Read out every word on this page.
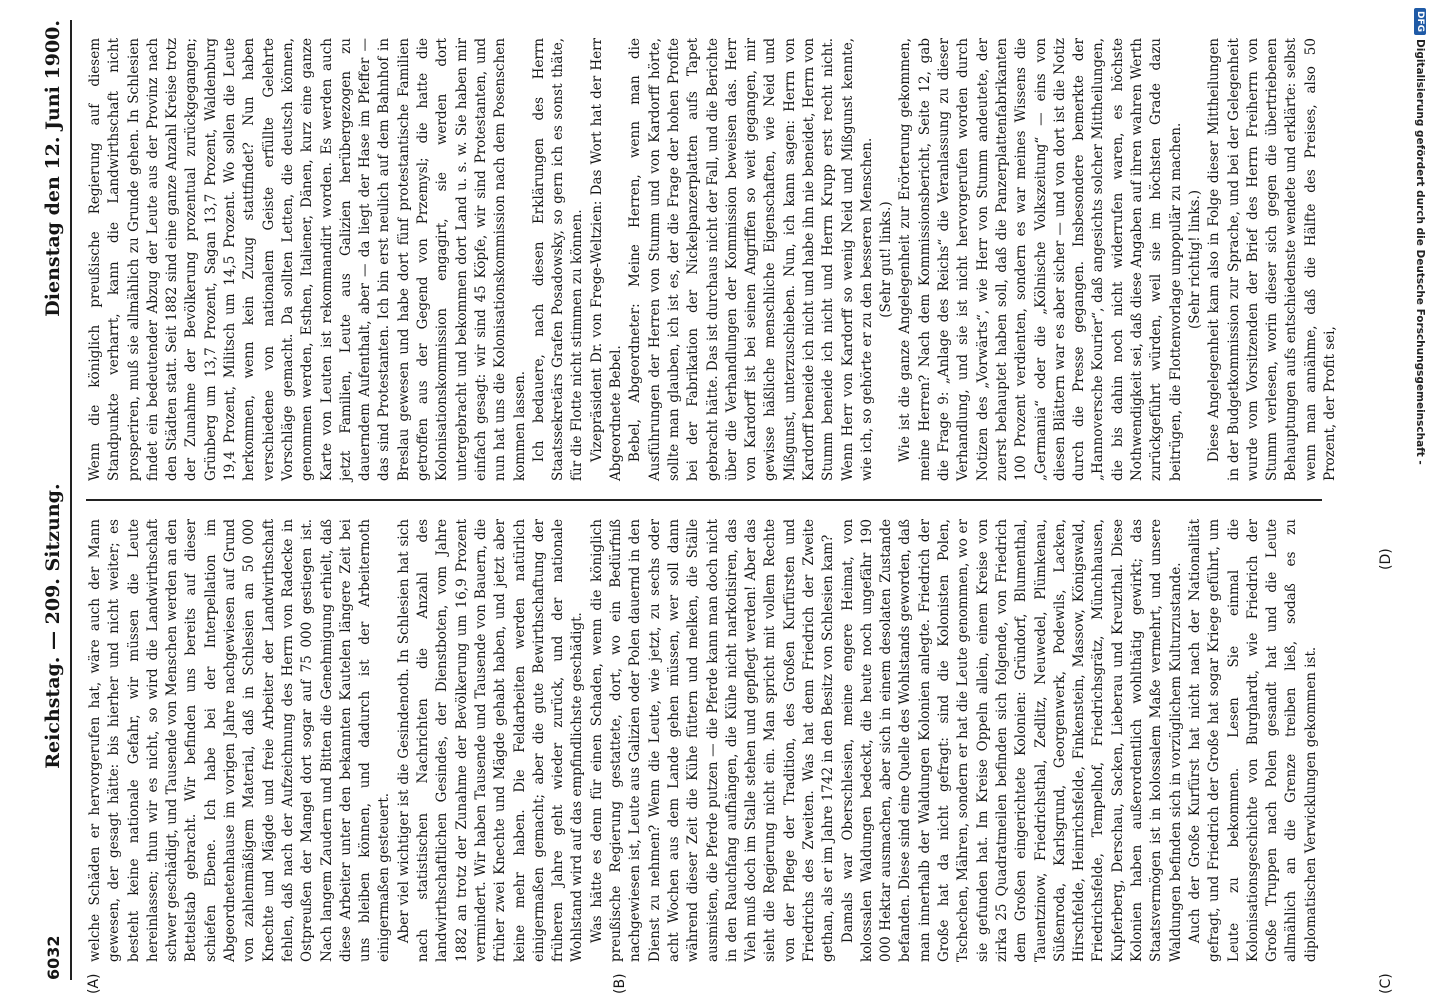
6032
Reichstag. — 209. Sitzung.
Dienstag den 12. Juni 1900.
(A)	(B)	(C)
(D)

welche Schäden er hervorgerufen hat, wäre auch der Mann gewesen, der gesagt hätte: bis hierher und nicht weiter; es besteht keine nationale Gefahr, wir müssen die Leute hereinlassen; thun wir es nicht, so wird die Landwirthschaft schwer geschädigt, und Tausende von Menschen werden an den Bettelstab gebracht. Wir befinden uns bereits auf dieser schiefen Ebene. Ich habe bei der Interpellation im Abgeordnetenhause im vorigen Jahre nachgewiesen auf Grund von zahlenmäßigem Material, daß in Schlesien an 50 000 Knechte und Mägde und freie Arbeiter der Landwirthschaft fehlen, daß nach der Aufzeichnung des Herrn von Radecke in Ostpreußen der Mangel dort sogar auf 75 000 gestiegen ist. Nach langem Zaudern und Bitten die Genehmigung erhielt, daß diese Arbeiter unter den bekannten Kautelen längere Zeit bei uns bleiben können, und dadurch ist der Arbeiternoth einigermaßen gesteuert. Aber viel wichtiger ist die Gesindenoth. In Schlesien hat sich nach statistischen Nachrichten die Anzahl des landwirthschaftlichen Gesindes, der Dienstboten, vom Jahre 1882 an trotz der Zunahme der Bevölkerung um 16,9 Prozent vermindert. Wir haben Tausende und Tausende von Bauern, die früher zwei Knechte und Mägde gehabt haben, und jetzt aber keine mehr haben. Die Feldarbeiten werden natürlich einigermaßen gemacht; aber die gute Bewirthschaftung der früheren Jahre geht wieder zurück, und der nationale Wohlstand wird auf das empfindlichste geschädigt. Was hätte es denn für einen Schaden, wenn die königlich preußische Regierung gestattete, dort, wo ein Bedürfniß nachgewiesen ist, Leute aus Galizien oder Polen dauernd in den Dienst zu nehmen? Wenn die Leute, wie jetzt, zu sechs oder acht Wochen aus dem Lande gehen müssen, wer soll dann während dieser Zeit die Kühe füttern und melken, die Ställe ausmisten, die Pferde putzen — die Pferde kann man doch nicht in den Rauchfang aufhängen, die Kühe nicht narkotisiren, das Vieh muß doch im Stalle stehen und gepflegt werden! Aber das sieht die Regierung nicht ein. Man spricht mit vollem Rechte von der Pflege der Tradition, des Großen Kurfürsten und Friedrichs des Zweiten. Was hat denn Friedrich der Zweite gethan, als er im Jahre 1742 in den Besitz von Schlesien kam? Damals war Oberschlesien, meine engere Heimat, von kolossalen Waldungen bedeckt, die heute noch ungefähr 190 000 Hektar ausmachen, aber sich in einem desolaten Zustande befanden. Diese sind eine Quelle des Wohlstands geworden, daß man innerhalb der Waldungen Kolonien anlegte. Friedrich der Große hat da nicht gefragt: sind die Kolonisten Polen, Tschechen, Mähren, sondern er hat die Leute genommen, wo er sie gefunden hat. Im Kreise Oppeln allein, einem Kreise von zirka 25 Quadratmeilen befinden sich folgende, von Friedrich dem Großen eingerichtete Kolonien: Gründorf, Blumenthal, Tauentzinow, Friedrichsthal, Zedlitz, Neuwedel, Plümkenau, Süßenroda, Karlsgrund, Georgenwerk, Podewils, Lacken, Hirschfelde, Heinrichsfelde, Finkenstein, Massow, Königswald, Friedrichsfelde, Tempelhof, Friedrichsgrätz, Münchhausen, Kupferberg, Derschau, Sacken, Lieberau und Kreuzthal. Diese Kolonien haben außerordentlich wohlthätig gewirkt; das Staatsvermögen ist in kolossalem Maße vermehrt, und unsere Waldungen befinden sich in vorzüglichem Kulturzustande. Auch der Große Kurfürst hat nicht nach der Nationalität gefragt, und Friedrich der Große hat sogar Kriege geführt, um Leute zu bekommen. Lesen Sie einmal die Kolonisationsgeschichte von Burghardt, wie Friedrich der Große Truppen nach Polen gesandt hat und die Leute allmählich an die Grenze treiben ließ, sodaß es zu diplomatischen Verwicklungen gekommen ist.

Wenn die königlich preußische Regierung auf diesem Standpunkte verharrt, kann die Landwirthschaft nicht prosperiren, muß sie allmählich zu Grunde gehen. In Schlesien findet ein bedeutender Abzug der Leute aus der Provinz nach den Städten statt. Seit 1882 sind eine ganze Anzahl Kreise trotz der Zunahme der Bevölkerung prozentual zurückgegangen; Grünberg um 13,7 Prozent, Sagan 13,7 Prozent, Waldenburg 19,4 Prozent, Militsch um 14,5 Prozent. Wo sollen die Leute herkommen, wenn kein Zuzug stattfindet? Nun haben verschiedene von nationalem Geiste erfüllte Gelehrte Vorschläge gemacht. Da sollten Letten, die deutsch können, genommen werden, Esthen, Italiener, Dänen, kurz eine ganze Karte von Leuten ist rekommandirt worden. Es werden auch jetzt Familien, Leute aus Galizien herübergezogen zu dauerndem Aufenthalt, aber — da liegt der Hase im Pfeffer — das sind Protestanten. Ich bin erst neulich auf dem Bahnhof in Breslau gewesen und habe dort fünf protestantische Familien getroffen aus der Gegend von Przemysl; die hatte die Kolonisationskommission engagirt, sie werden dort untergebracht und bekommen dort Land u. s. w. Sie haben mir einfach gesagt: wir sind 45 Köpfe, wir sind Protestanten, und nun hat uns die Kolonisationskommission nach dem Posenschen kommen lassen. Ich bedauere, nach diesen Erklärungen des Herrn Staatssekretärs Grafen Posadowsky, so gern ich es sonst thäte, für die Flotte nicht stimmen zu können. Vizepräsident Dr. von Frege-Weltzien: Das Wort hat der Herr Abgeordnete Bebel. Bebel, Abgeordneter: Meine Herren, wenn man die Ausführungen der Herren von Stumm und von Kardorff hörte, sollte man glauben, ich ist es, der die Frage der hohen Profite bei der Fabrikation der Nickelpanzerplatten aufs Tapet gebracht hätte. Das ist durchaus nicht der Fall, und die Berichte über die Verhandlungen der Kommission beweisen das. Herr von Kardorff ist bei seinen Angriffen so weit gegangen, mir gewisse häßliche menschliche Eigenschaften, wie Neid und Mißgunst, unterzuschieben. Nun, ich kann sagen: Herrn von Kardorff beneide ich nicht und habe ihn nie beneidet, Herrn von Stumm beneide ich nicht und Herrn Krupp erst recht nicht. Wenn Herr von Kardorff so wenig Neid und Mißgunst kennte, wie ich, so gehörte er zu den besseren Menschen. (Sehr gut! links.) Wie ist die ganze Angelegenheit zur Erörterung gekommen, meine Herren? Nach dem Kommissionsbericht, Seite 12, gab die Frage 9: „Anlage des Reichs“ die Veranlassung zu dieser Verhandlung, und sie ist nicht hervorgerufen worden durch Notizen des „Vorwärts“, wie Herr von Stumm andeutete, der zuerst behauptet haben soll, daß die Panzerplattenfabrikanten 100 Prozent verdienten, sondern es war meines Wissens die „Germania“ oder die „Kölnische Volkszeitung“ — eins von diesen Blättern war es aber sicher — und von dort ist die Notiz durch die Presse gegangen. Insbesondere bemerkte der „Hannoversche Kourier“, daß angesichts solcher Mittheilungen, die bis dahin noch nicht widerrufen waren, es höchste Nothwendigkeit sei, daß diese Angaben auf ihren wahren Werth zurückgeführt würden, weil sie im höchsten Grade dazu beitrügen, die Flottenvorlage unpopulär zu machen. (Sehr richtig! links.) Diese Angelegenheit kam also in Folge dieser Mittheilungen in der Budgetkommission zur Sprache, und bei der Gelegenheit wurde vom Vorsitzenden der Brief des Herrn Freiherrn von Stumm verlesen, worin dieser sich gegen die übertriebenen Behauptungen aufs entschiedenste wendete und erklärte: selbst wenn man annähme, daß die Hälfte des Preises, also 50 Prozent, der Profit sei,

DFG
Digitalisierung gefördert durch die Deutsche Forschungsgemeinschaft -
